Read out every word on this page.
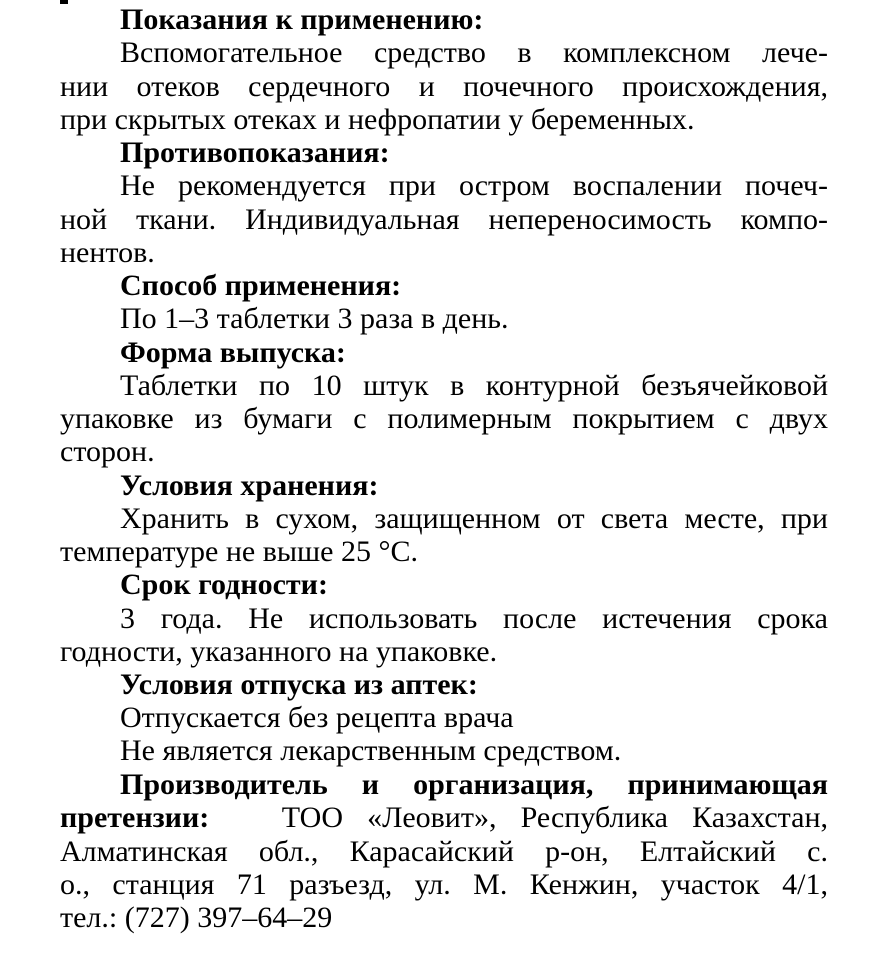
Показания к применению:
Вспомогательное средство в комплексном лече-
нии отеков сердечного и почечного происхождения,
при скрытых отеках и нефропатии у беременных.
Противопоказания:
Не рекомендуется при остром воспалении почеч-
ной ткани. Индивидуальная непереносимость компо-
нентов.
Способ применения:
По 1–3 таблетки 3 раза в день.
Форма выпуска:
Таблетки по 10 штук в контурной безъячейковой
упаковке из бумаги с полимерным покрытием с двух
сторон.
Условия хранения:
Хранить в сухом, защищенном от света месте, при
температуре не выше 25 °С.
Срок годности:
3 года. Не использовать после истечения срока
годности, указанного на упаковке.
Условия отпуска из аптек:
Отпускается без рецепта врача
Не является лекарственным средством.
Производитель и организация, принимающая
претензии: ТОО «Леовит», Республика Казахстан,
Алматинская обл., Карасайский р-он, Елтайский с.
о., станция 71 разъезд, ул. М. Кенжин, участок 4/1,
тел.: (727) 397–64–29
